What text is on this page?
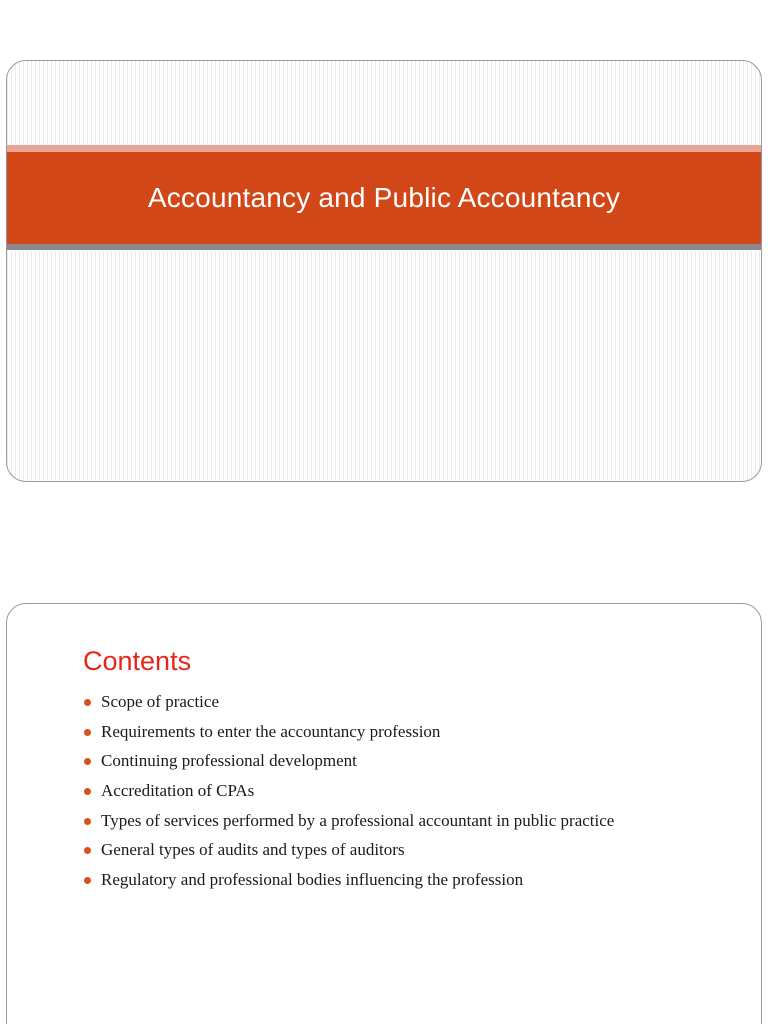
Accountancy and Public Accountancy
Contents
Scope of practice
Requirements to enter the accountancy profession
Continuing professional development
Accreditation of CPAs
Types of services performed by a professional accountant in public practice
General types of audits and types of auditors
Regulatory and professional bodies influencing the profession
